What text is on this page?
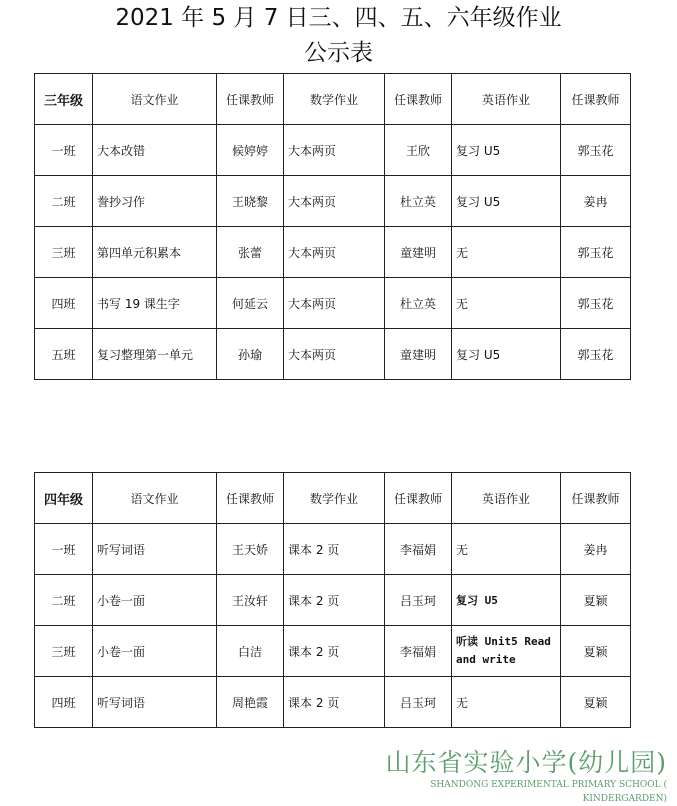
2021 年 5 月 7 日三、四、五、六年级作业
公示表
三年级	语文作业	任课教师	数学作业	任课教师	英语作业	任课教师
一班	大本改错	候婷婷	大本两页	王欣	复习 U5	郭玉花
二班	誊抄习作	王晓黎	大本两页	杜立英	复习 U5	姜冉
三班	第四单元积累本	张蕾	大本两页	童建明	无	郭玉花
四班	书写 19 课生字	何延云	大本两页	杜立英	无	郭玉花
五班	复习整理第一单元	孙瑜	大本两页	童建明	复习 U5	郭玉花
四年级	语文作业	任课教师	数学作业	任课教师	英语作业	任课教师
一班	听写词语	王天娇	课本 2 页	李福娟	无	姜冉
二班	小卷一面	王汝轩	课本 2 页	吕玉珂	复习 U5	夏颖
三班	小卷一面	白洁	课本 2 页	李福娟	听读 Unit5 Read and write	夏颖
四班	听写词语	周艳霞	课本 2 页	吕玉珂	无	夏颖
山东省实验小学(幼儿园)
SHANDONG EXPERIMENTAL PRIMARY SCHOOL ( KINDERGARDEN)
